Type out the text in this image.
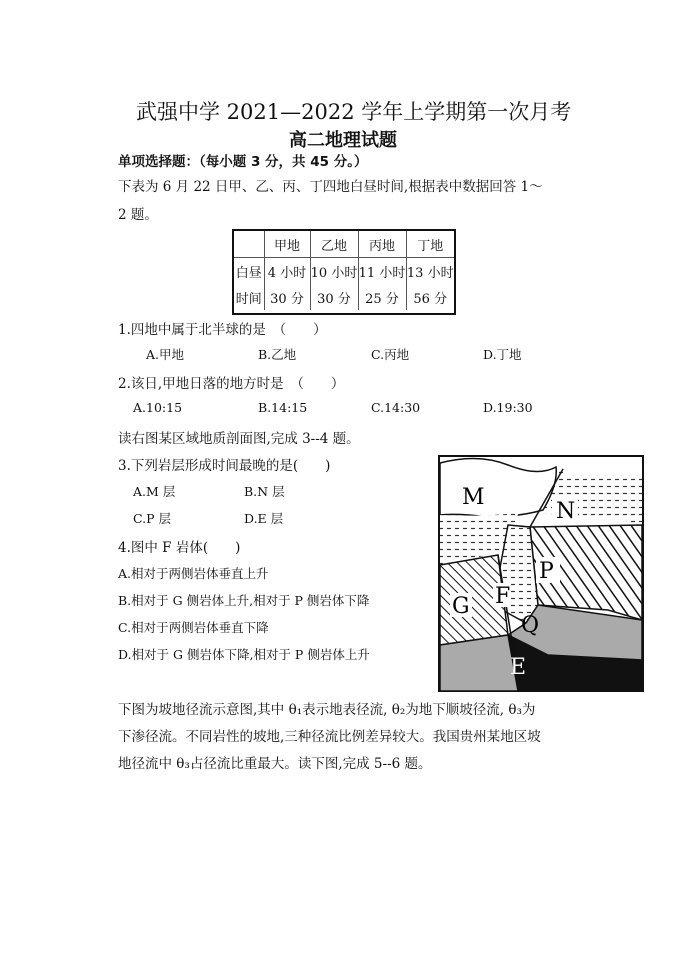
武强中学 2021—2022 学年上学期第一次月考
高二地理试题
单项选择题：（每小题 3 分，共 45 分。）
下表为 6 月 22 日甲、乙、丙、丁四地白昼时间,根据表中数据回答 1～
2 题。
	甲地	乙地	丙地	丁地
白昼	4 小时	10 小时	11 小时	13 小时
时间	30 分	30 分	25 分	56 分
1.四地中属于北半球的是　（　　）
A.甲地	B.乙地	C.丙地	D.丁地
2.该日,甲地日落的地方时是　（　　）
A.10:15	B.14:15	C.14:30	D.19:30
读右图某区域地质剖面图,完成 3--4 题。
3.下列岩层形成时间最晚的是(　　)
A.M 层	B.N 层
C.P 层	D.E 层
4.图中 F 岩体(　　)
A.相对于两侧岩体垂直上升
B.相对于 G 侧岩体上升,相对于 P 侧岩体下降
C.相对于两侧岩体垂直下降
D.相对于 G 侧岩体下降,相对于 P 侧岩体上升
M
N
P
Q
E
G F
下图为坡地径流示意图,其中 θ₁表示地表径流, θ₂为地下顺坡径流, θ₃为
下渗径流。不同岩性的坡地,三种径流比例差异较大。我国贵州某地区坡
地径流中 θ₃占径流比重最大。读下图,完成 5--6 题。
